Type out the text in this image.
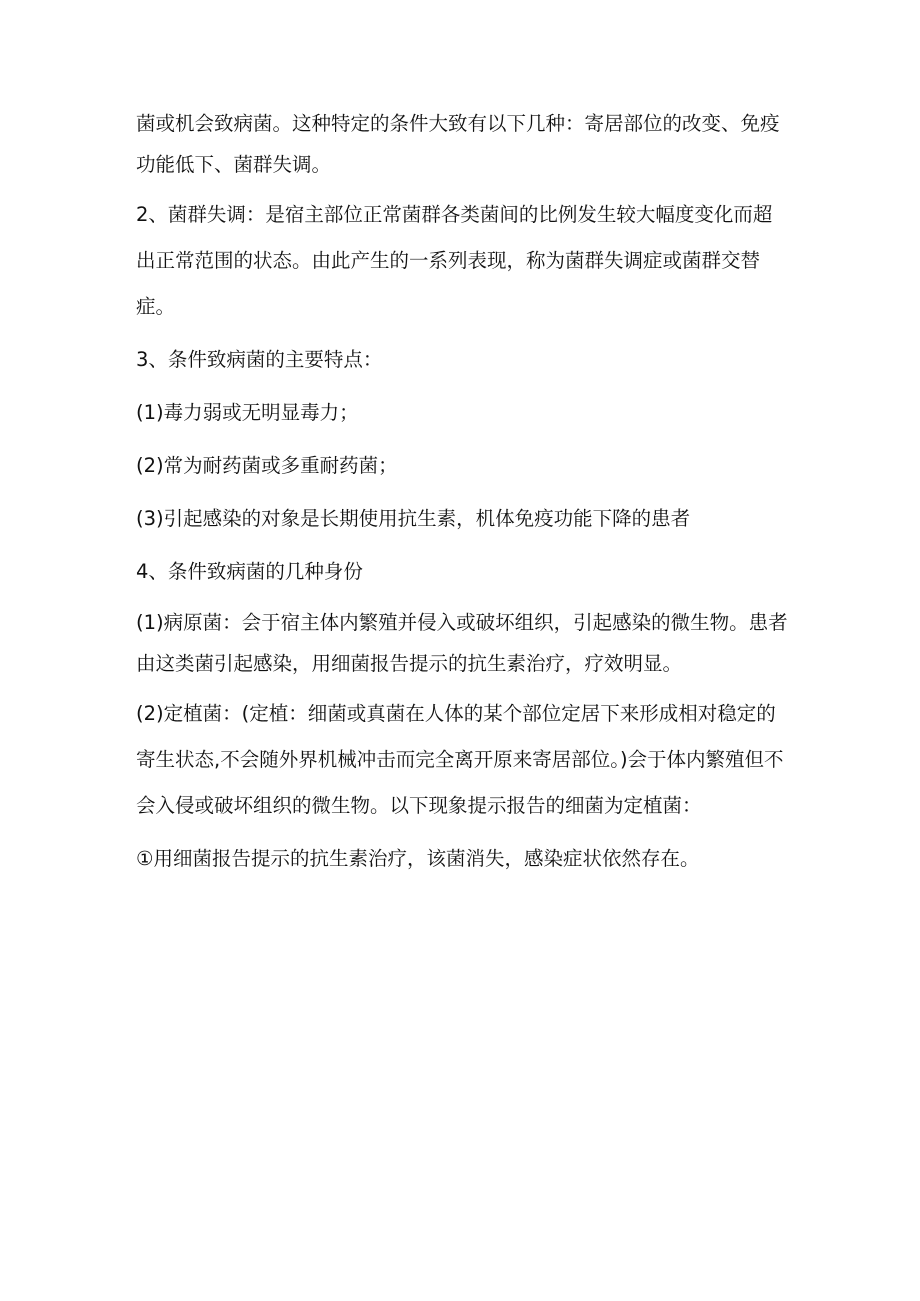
菌或机会致病菌。这种特定的条件大致有以下几种：寄居部位的改变、免疫功能低下、菌群失调。

2、菌群失调：是宿主部位正常菌群各类菌间的比例发生较大幅度变化而超出正常范围的状态。由此产生的一系列表现，称为菌群失调症或菌群交替症。

3、条件致病菌的主要特点：

(1)毒力弱或无明显毒力；

(2)常为耐药菌或多重耐药菌；

(3)引起感染的对象是长期使用抗生素，机体免疫功能下降的患者

4、条件致病菌的几种身份

(1)病原菌：会于宿主体内繁殖并侵入或破坏组织，引起感染的微生物。患者由这类菌引起感染，用细菌报告提示的抗生素治疗，疗效明显。

(2)定植菌：(定植：细菌或真菌在人体的某个部位定居下来形成相对稳定的寄生状态,不会随外界机械冲击而完全离开原来寄居部位。)会于体内繁殖但不会入侵或破坏组织的微生物。以下现象提示报告的细菌为定植菌：

①用细菌报告提示的抗生素治疗，该菌消失，感染症状依然存在。
